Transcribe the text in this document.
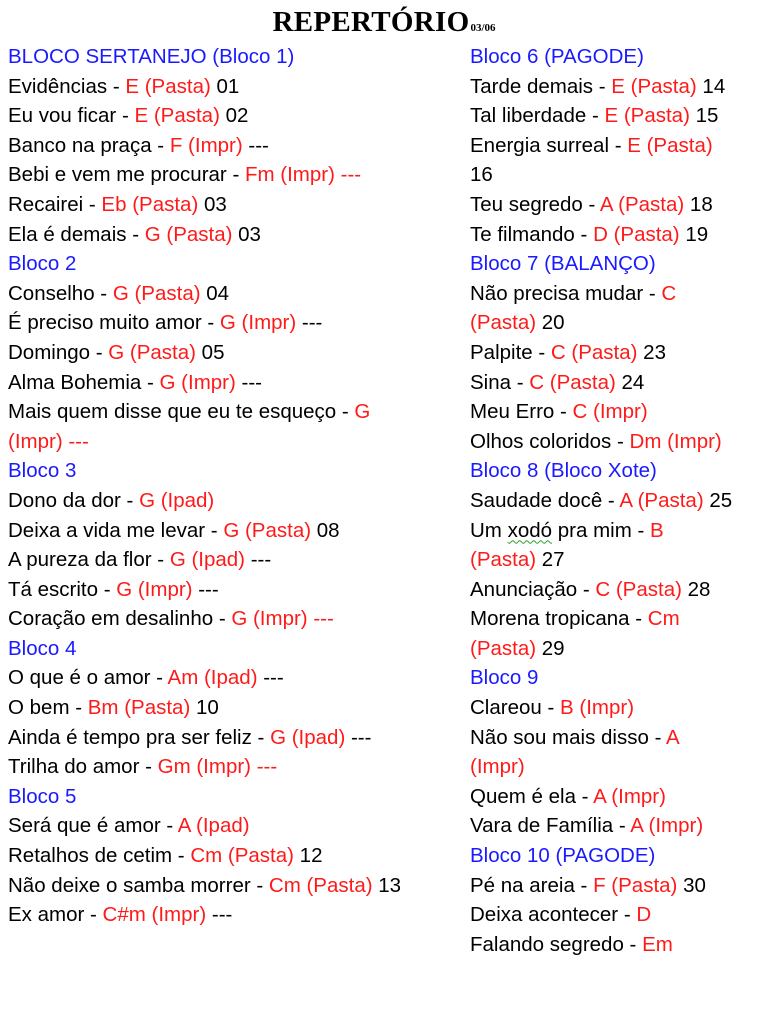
REPERTÓRIO03/06
BLOCO SERTANEJO (Bloco 1)
Evidências - E (Pasta) 01
Eu vou ficar - E (Pasta) 02
Banco na praça - F (Impr) ---
Bebi e vem me procurar - Fm (Impr) ---
Recairei - Eb (Pasta) 03
Ela é demais - G (Pasta) 03
Bloco 2
Conselho - G (Pasta) 04
É preciso muito amor - G (Impr) ---
Domingo - G (Pasta) 05
Alma Bohemia - G (Impr) ---
Mais quem disse que eu te esqueço - G
(Impr) ---
Bloco 3
Dono da dor - G (Ipad)
Deixa a vida me levar - G (Pasta) 08
A pureza da flor - G (Ipad) ---
Tá escrito - G (Impr) ---
Coração em desalinho - G (Impr) ---
Bloco 4
O que é o amor - Am (Ipad) ---
O bem - Bm (Pasta) 10
Ainda é tempo pra ser feliz - G (Ipad) ---
Trilha do amor - Gm (Impr) ---
Bloco 5
Será que é amor - A (Ipad)
Retalhos de cetim - Cm (Pasta) 12
Não deixe o samba morrer - Cm (Pasta) 13
Ex amor - C#m (Impr) ---
Bloco 6 (PAGODE)
Tarde demais - E (Pasta) 14
Tal liberdade - E (Pasta) 15
Energia surreal - E (Pasta)
16
Teu segredo - A (Pasta) 18
Te filmando - D (Pasta) 19
Bloco 7 (BALANÇO)
Não precisa mudar - C
(Pasta) 20
Palpite - C (Pasta) 23
Sina - C (Pasta) 24
Meu Erro - C (Impr)
Olhos coloridos - Dm (Impr)
Bloco 8 (Bloco Xote)
Saudade docê - A (Pasta) 25
Um xodó pra mim - B
(Pasta) 27
Anunciação - C (Pasta) 28
Morena tropicana - Cm
(Pasta) 29
Bloco 9
Clareou - B (Impr)
Não sou mais disso - A
(Impr)
Quem é ela - A (Impr)
Vara de Família - A (Impr)
Bloco 10 (PAGODE)
Pé na areia - F (Pasta) 30
Deixa acontecer - D
Falando segredo - Em
